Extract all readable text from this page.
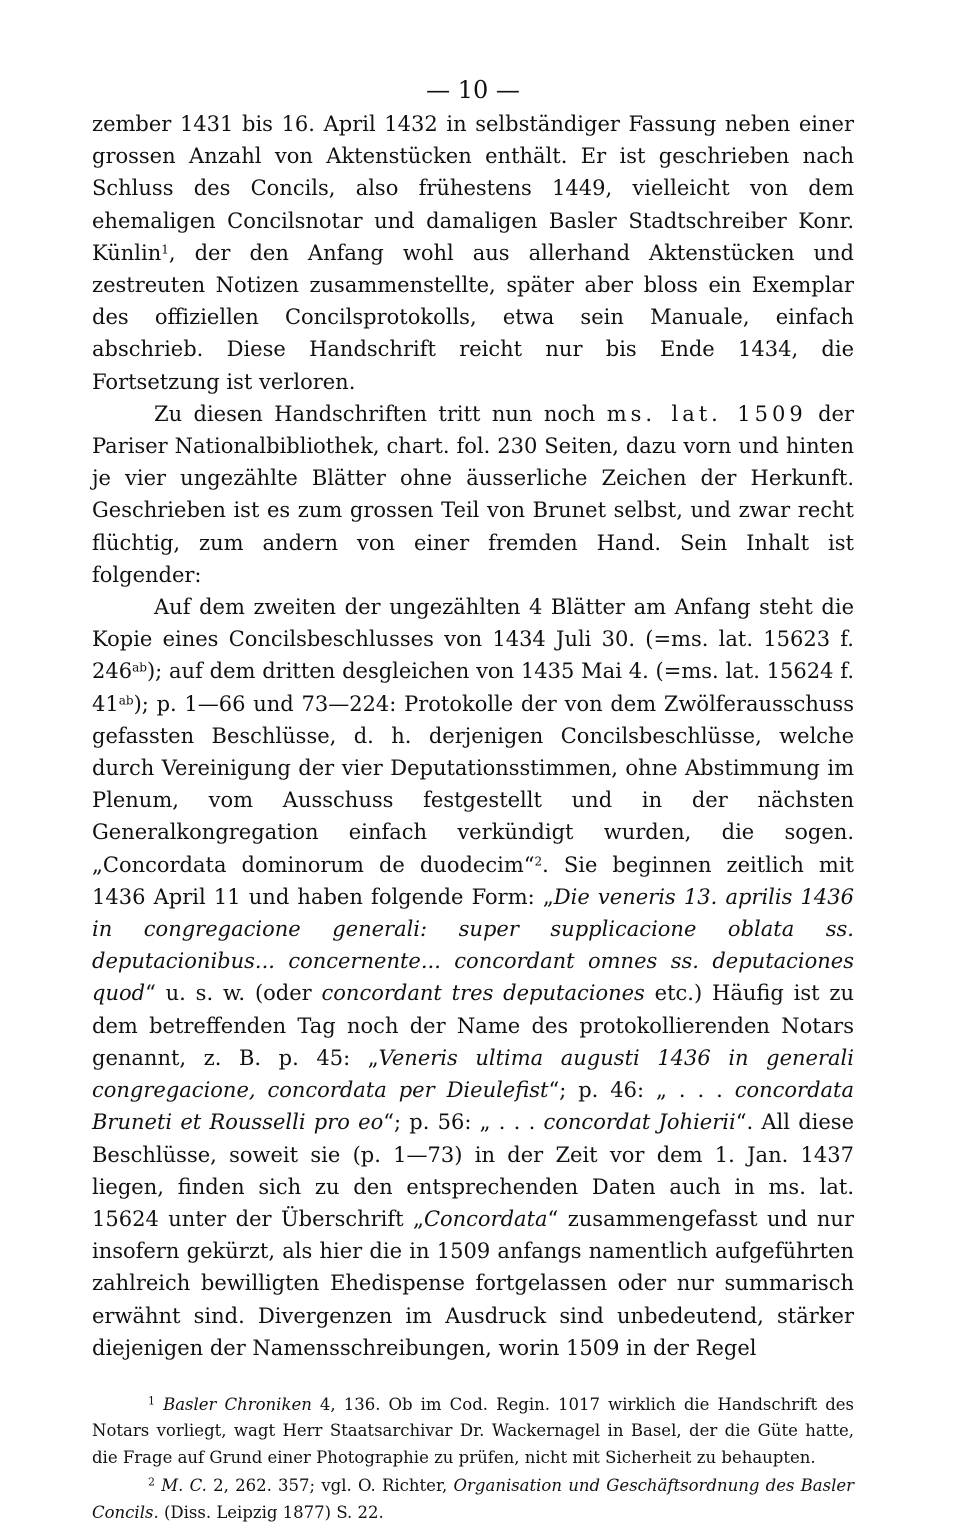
— 10 —

zember 1431 bis 16. April 1432 in selbständiger Fassung neben einer grossen Anzahl von Aktenstücken enthält. Er ist geschrieben nach Schluss des Concils, also frühestens 1449, vielleicht von dem ehemaligen Concilsnotar und damaligen Basler Stadtschreiber Konr. Künlin$^1$, der den Anfang wohl aus allerhand Aktenstücken und zestreuten Notizen zusammenstellte, später aber bloss ein Exemplar des offiziellen Concilsprotokolls, etwa sein Manuale, einfach abschrieb. Diese Handschrift reicht nur bis Ende 1434, die Fortsetzung ist verloren.

Zu diesen Handschriften tritt nun noch ms. lat. 1509 der Pariser Nationalbibliothek, chart. fol. 230 Seiten, dazu vorn und hinten je vier ungezählte Blätter ohne äusserliche Zeichen der Herkunft. Geschrieben ist es zum grossen Teil von Brunet selbst, und zwar recht flüchtig, zum andern von einer fremden Hand. Sein Inhalt ist folgender:

Auf dem zweiten der ungezählten 4 Blätter am Anfang steht die Kopie eines Concilsbeschlusses von 1434 Juli 30. (=ms. lat. 15623 f. $246^{ab}$); auf dem dritten desgleichen von 1435 Mai 4. (=ms. lat. 15624 f. $41^{ab}$); p. 1—66 und 73—224: Protokolle der von dem Zwölferausschuss gefassten Beschlüsse, d. h. derjenigen Concilsbeschlüsse, welche durch Vereinigung der vier Deputationsstimmen, ohne Abstimmung im Plenum, vom Ausschuss festgestellt und in der nächsten Generalkongregation einfach verkündigt wurden, die sogen. „Concordata dominorum de duodecim“$^2$. Sie beginnen zeitlich mit 1436 April 11 und haben folgende Form: „Die veneris 13. aprilis 1436 in congregacione generali: super supplicacione oblata ss. deputacionibus... concernente... concordant omnes ss. deputaciones quod“ u. s. w. (oder concordant tres deputaciones etc.) Häufig ist zu dem betreffenden Tag noch der Name des protokollierenden Notars genannt, z. B. p. 45: „Veneris ultima augusti 1436 in generali congregacione, concordata per Dieulefist“; p. 46: „ . . . concordata Bruneti et Rousselli pro eo“; p. 56: „ . . . concordat Johierii“. All diese Beschlüsse, soweit sie (p. 1—73) in der Zeit vor dem 1. Jan. 1437 liegen, finden sich zu den entsprechenden Daten auch in ms. lat. 15624 unter der Überschrift „Concordata“ zusammengefasst und nur insofern gekürzt, als hier die in 1509 anfangs namentlich aufgeführten zahlreich bewilligten Ehedispense fortgelassen oder nur summarisch erwähnt sind. Divergenzen im Ausdruck sind unbedeutend, stärker diejenigen der Namensschreibungen, worin 1509 in der Regel

$^1$ Basler Chroniken 4, 136. Ob im Cod. Regin. 1017 wirklich die Handschrift des Notars vorliegt, wagt Herr Staatsarchivar Dr. Wackernagel in Basel, der die Güte hatte, die Frage auf Grund einer Photographie zu prüfen, nicht mit Sicherheit zu behaupten.

$^2$ M. C. 2, 262. 357; vgl. O. Richter, Organisation und Geschäftsordnung des Basler Concils. (Diss. Leipzig 1877) S. 22.
